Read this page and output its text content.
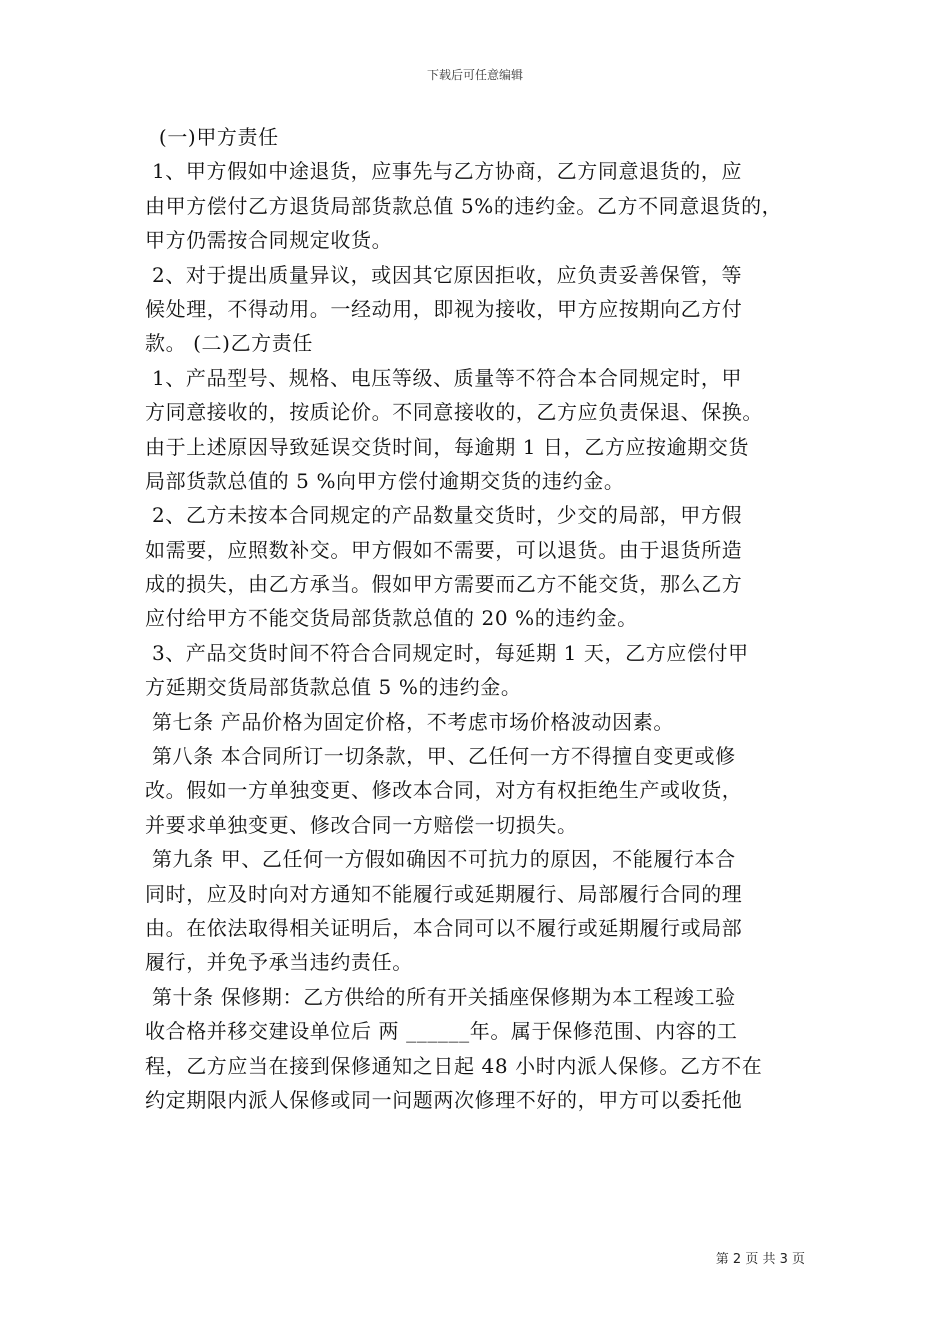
下载后可任意编辑
(一)甲方责任
1、甲方假如中途退货，应事先与乙方协商，乙方同意退货的，应
由甲方偿付乙方退货局部货款总值 5%的违约金。乙方不同意退货的，
甲方仍需按合同规定收货。
2、对于提出质量异议，或因其它原因拒收，应负责妥善保管，等
候处理，不得动用。一经动用，即视为接收，甲方应按期向乙方付
款。 (二)乙方责任
1、产品型号、规格、电压等级、质量等不符合本合同规定时，甲
方同意接收的，按质论价。不同意接收的，乙方应负责保退、保换。
由于上述原因导致延误交货时间，每逾期 1 日，乙方应按逾期交货
局部货款总值的 5 %向甲方偿付逾期交货的违约金。
2、乙方未按本合同规定的产品数量交货时，少交的局部，甲方假
如需要，应照数补交。甲方假如不需要，可以退货。由于退货所造
成的损失，由乙方承当。假如甲方需要而乙方不能交货，那么乙方
应付给甲方不能交货局部货款总值的 20 %的违约金。
3、产品交货时间不符合合同规定时，每延期 1 天，乙方应偿付甲
方延期交货局部货款总值 5 %的违约金。
第七条 产品价格为固定价格，不考虑市场价格波动因素。
第八条 本合同所订一切条款，甲、乙任何一方不得擅自变更或修
改。假如一方单独变更、修改本合同，对方有权拒绝生产或收货，
并要求单独变更、修改合同一方赔偿一切损失。
第九条 甲、乙任何一方假如确因不可抗力的原因，不能履行本合
同时，应及时向对方通知不能履行或延期履行、局部履行合同的理
由。在依法取得相关证明后，本合同可以不履行或延期履行或局部
履行，并免予承当违约责任。
第十条 保修期：乙方供给的所有开关插座保修期为本工程竣工验
收合格并移交建设单位后 两 ______年。属于保修范围、内容的工
程，乙方应当在接到保修通知之日起 48 小时内派人保修。乙方不在
约定期限内派人保修或同一问题两次修理不好的，甲方可以委托他
第 2 页 共 3 页
